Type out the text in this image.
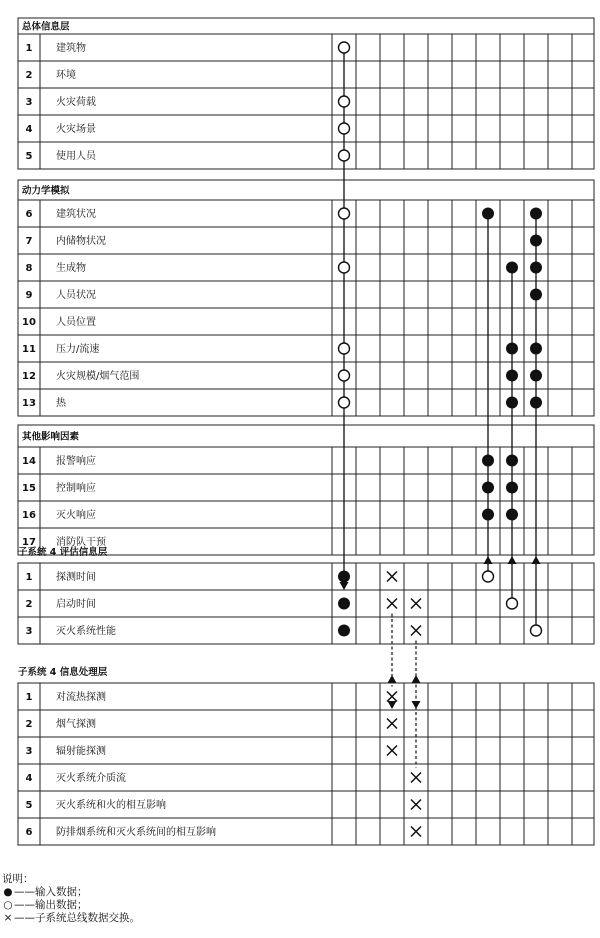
总体信息层
1 建筑物
2 环境
3 火灾荷载
4 火灾场景
5 使用人员
动力学模拟
6 建筑状况
7 内储物状况
8 生成物
9 人员状况
10 人员位置
11 压力/流速
12 火灾规模/烟气范围
13 热
其他影响因素
14 报警响应
15 控制响应
16 灭火响应
17 消防队干预
子系统 4 评估信息层
1 探测时间
2 启动时间
3 灭火系统性能
子系统 4 信息处理层
1 对流热探测
2 烟气探测
3 辐射能探测
4 灭火系统介质流
5 灭火系统和火的相互影响
6 防排烟系统和灭火系统间的相互影响
说明：
●——输入数据；
○——输出数据；
× ——子系统总线数据交换。
